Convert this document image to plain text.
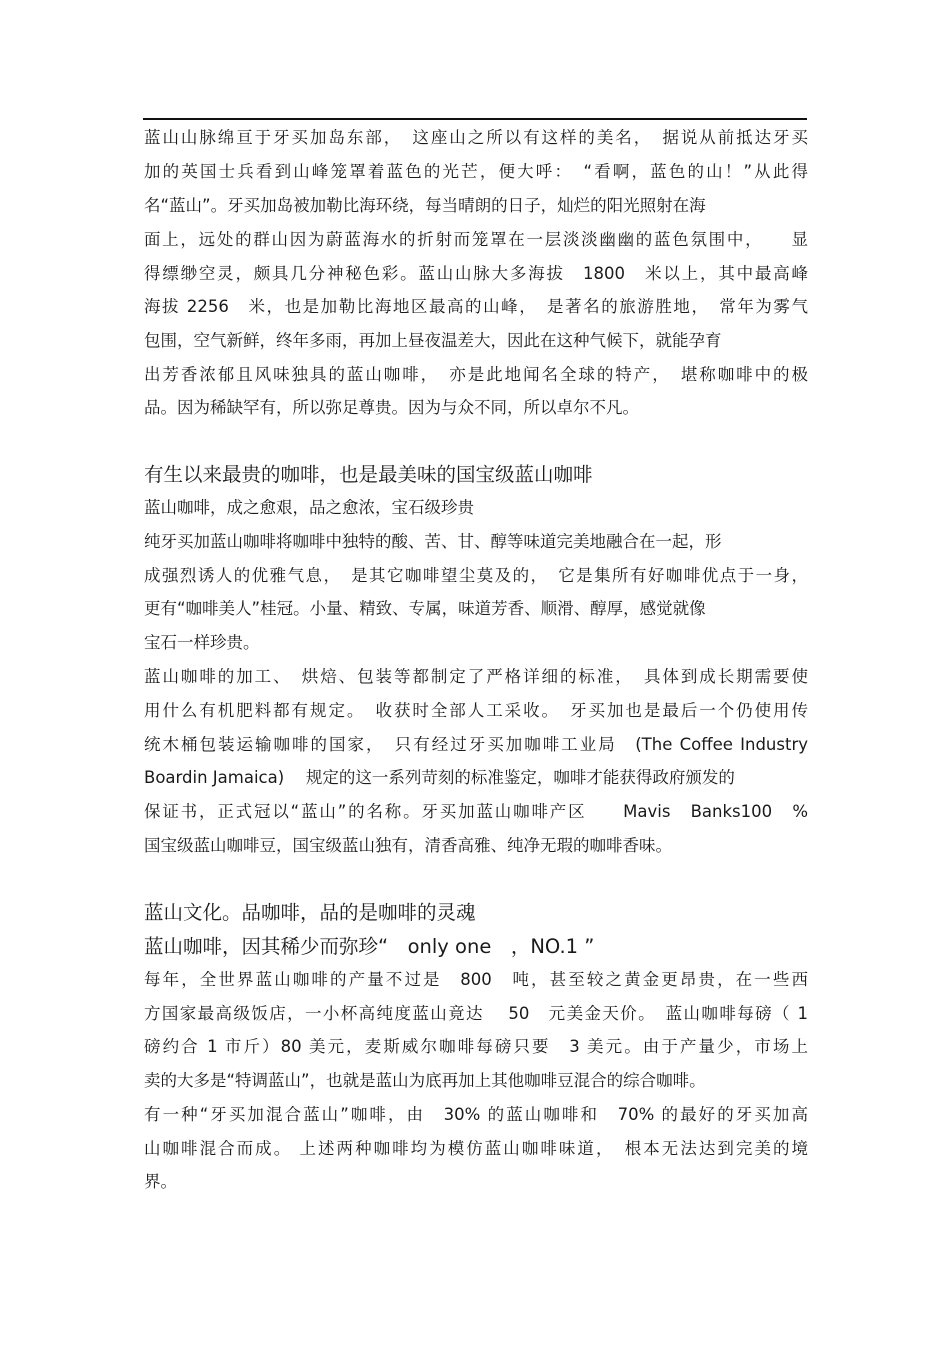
蓝山山脉绵亘于牙买加岛东部，　这座山之所以有这样的美名，　据说从前抵达牙买
加的英国士兵看到山峰笼罩着蓝色的光芒，便大呼：　“看啊，蓝色的山！”从此得
名“蓝山”。牙买加岛被加勒比海环绕，每当晴朗的日子，灿烂的阳光照射在海
面上，远处的群山因为蔚蓝海水的折射而笼罩在一层淡淡幽幽的蓝色氛围中，　　显
得缥缈空灵，颇具几分神秘色彩。蓝山山脉大多海拔　1800　米以上，其中最高峰
海拔 2256　米，也是加勒比海地区最高的山峰，　是著名的旅游胜地，　常年为雾气
包围，空气新鲜，终年多雨，再加上昼夜温差大，因此在这种气候下，就能孕育
出芳香浓郁且风味独具的蓝山咖啡，　亦是此地闻名全球的特产，　堪称咖啡中的极
品。因为稀缺罕有，所以弥足尊贵。因为与众不同，所以卓尔不凡。
有生以来最贵的咖啡，也是最美味的国宝级蓝山咖啡
蓝山咖啡，成之愈艰，品之愈浓，宝石级珍贵
纯牙买加蓝山咖啡将咖啡中独特的酸、苦、甘、醇等味道完美地融合在一起，形
成强烈诱人的优雅气息，　是其它咖啡望尘莫及的，　它是集所有好咖啡优点于一身，
更有“咖啡美人”桂冠。小量、精致、专属，味道芳香、顺滑、醇厚，感觉就像
宝石一样珍贵。
蓝山咖啡的加工、　烘焙、包装等都制定了严格详细的标准，　具体到成长期需要使
用什么有机肥料都有规定。　收获时全部人工采收。　牙买加也是最后一个仍使用传
统木桶包装运输咖啡的国家，　只有经过牙买加咖啡工业局　(The Coffee Industry
Boardin Jamaica)　 规定的这一系列苛刻的标准鉴定，咖啡才能获得政府颁发的
保证书，正式冠以“蓝山”的名称。牙买加蓝山咖啡产区　　Mavis　Banks100　%
国宝级蓝山咖啡豆，国宝级蓝山独有，清香高雅、纯净无瑕的咖啡香味。
蓝山文化。品咖啡，品的是咖啡的灵魂
蓝山咖啡，因其稀少而弥珍“　only one　，NO.1 ”
每年，全世界蓝山咖啡的产量不过是　800　吨，甚至较之黄金更昂贵，在一些西
方国家最高级饭店，一小杯高纯度蓝山竟达　 50　元美金天价。　蓝山咖啡每磅（ 1
磅约合 1 市斤）80 美元，麦斯威尔咖啡每磅只要　3 美元。由于产量少，市场上
卖的大多是“特调蓝山”，也就是蓝山为底再加上其他咖啡豆混合的综合咖啡。
有一种“牙买加混合蓝山”咖啡，由　30% 的蓝山咖啡和　70% 的最好的牙买加高
山咖啡混合而成。 上述两种咖啡均为模仿蓝山咖啡味道，　根本无法达到完美的境
界。
